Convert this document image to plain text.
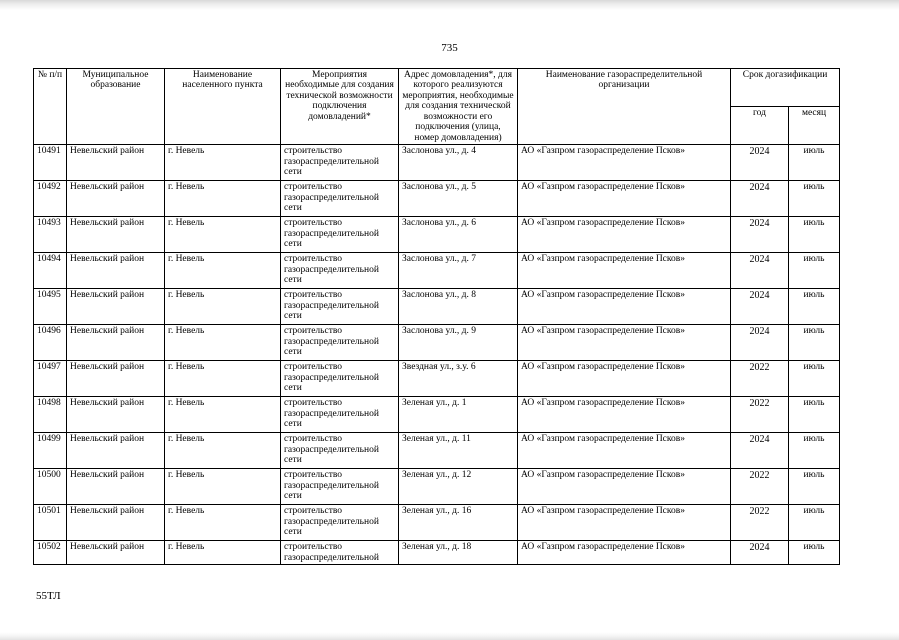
735
№ п/п	Муниципальное образование	Наименование населенного пункта	Мероприятия необходимые для создания технической возможности подключения домовладений*	Адрес домовладения*, для которого реализуются мероприятия, необходимые для создания технической возможности его подключения (улица, номер домовладения)	Наименование газораспределительной организации	Срок догазификации	
						год	месяц
10491	Невельский район	г. Невель	строительство газораспределительной сети	Заслонова ул., д. 4	АО «Газпром газораспределение Псков»	2024	июль
10492	Невельский район	г. Невель	строительство газораспределительной сети	Заслонова ул., д. 5	АО «Газпром газораспределение Псков»	2024	июль
10493	Невельский район	г. Невель	строительство газораспределительной сети	Заслонова ул., д. 6	АО «Газпром газораспределение Псков»	2024	июль
10494	Невельский район	г. Невель	строительство газораспределительной сети	Заслонова ул., д. 7	АО «Газпром газораспределение Псков»	2024	июль
10495	Невельский район	г. Невель	строительство газораспределительной сети	Заслонова ул., д. 8	АО «Газпром газораспределение Псков»	2024	июль
10496	Невельский район	г. Невель	строительство газораспределительной сети	Заслонова ул., д. 9	АО «Газпром газораспределение Псков»	2024	июль
10497	Невельский район	г. Невель	строительство газораспределительной сети	Звездная ул., з.у. 6	АО «Газпром газораспределение Псков»	2022	июль
10498	Невельский район	г. Невель	строительство газораспределительной сети	Зеленая ул., д. 1	АО «Газпром газораспределение Псков»	2022	июль
10499	Невельский район	г. Невель	строительство газораспределительной сети	Зеленая ул., д. 11	АО «Газпром газораспределение Псков»	2024	июль
10500	Невельский район	г. Невель	строительство газораспределительной сети	Зеленая ул., д. 12	АО «Газпром газораспределение Псков»	2022	июль
10501	Невельский район	г. Невель	строительство газораспределительной сети	Зеленая ул., д. 16	АО «Газпром газораспределение Псков»	2022	июль
10502	Невельский район	г. Невель	строительство газораспределительной	Зеленая ул., д. 18	АО «Газпром газораспределение Псков»	2024	июль
55ТЛ
